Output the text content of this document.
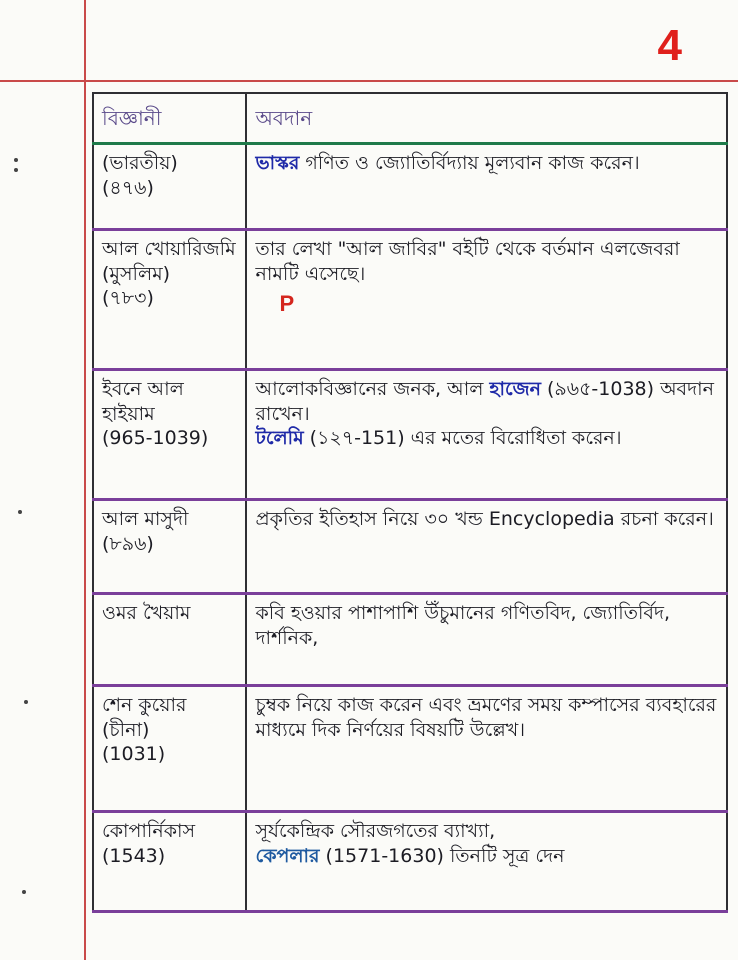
4
বিজ্ঞানী	অবদান

(ভারতীয়)
(৪৭৬)	ভাস্কর গণিত ও জ্যোতির্বিদ্যায় মূল্যবান কাজ করেন।

আল খোয়ারিজমি (মুসলিম)
(৭৮৩)	তার লেখা "আল জাবির" বইটি থেকে বর্তমান এলজেবরা নামটি এসেছে।
P

ইবনে আল হাইয়াম
(965-1039)	আলোকবিজ্ঞানের জনক, আল হাজেন (৯৬৫-1038) অবদান রাখেন।
টলেমি (১২৭-151) এর মতের বিরোধিতা করেন।

আল মাসুদী
(৮৯৬)	প্রকৃতির ইতিহাস নিয়ে ৩০ খন্ড Encyclopedia রচনা করেন।

ওমর খৈয়াম	কবি হওয়ার পাশাপাশি উঁচুমানের গণিতবিদ, জ্যোতির্বিদ, দার্শনিক,

শেন কুয়োর (চীনা)
(1031)	চুম্বক নিয়ে কাজ করেন এবং ভ্রমণের সময় কম্পাসের ব্যবহারের মাধ্যমে দিক নির্ণয়ের বিষয়টি উল্লেখ।

কোপার্নিকাস
(1543)	সূর্যকেন্দ্রিক সৌরজগতের ব্যাখ্যা,
কেপলার (1571-1630) তিনটি সূত্র দেন
